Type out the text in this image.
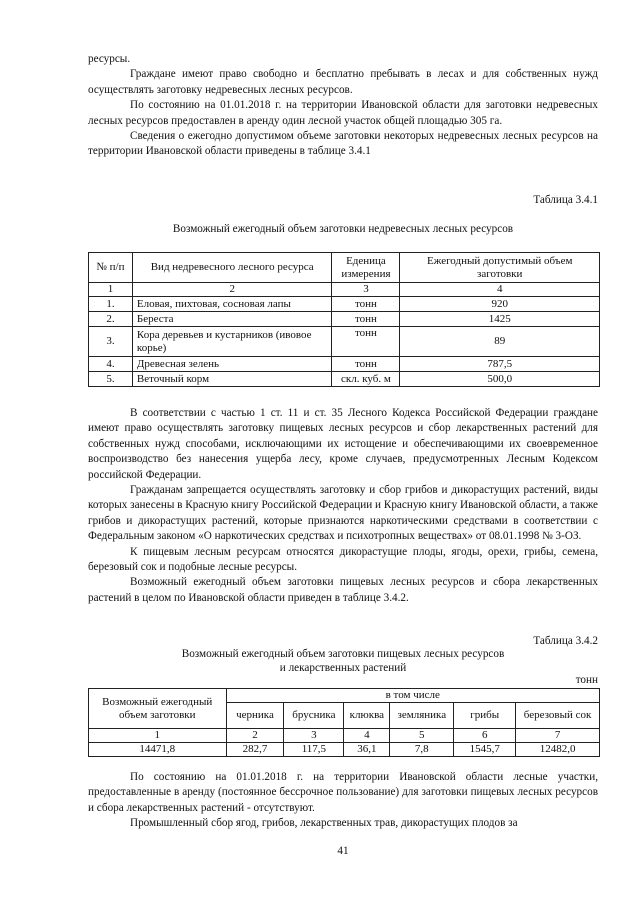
ресурсы.

Граждане имеют право свободно и бесплатно пребывать в лесах и для собственных нужд осуществлять заготовку недревесных лесных ресурсов.

По состоянию на 01.01.2018 г. на территории Ивановской области для заготовки недревесных лесных ресурсов предоставлен в аренду один лесной участок общей площадью 305 га.

Сведения о ежегодно допустимом объеме заготовки некоторых недревесных лесных ресурсов на территории Ивановской области приведены в таблице 3.4.1

Таблица 3.4.1
Возможный ежегодный объем заготовки недревесных лесных ресурсов
№ п/п	Вид недревесного лесного ресурса	Еденица измерения	Ежегодный допустимый объем заготовки
1	2	3	4
1.	Еловая, пихтовая, сосновая лапы	тонн	920
2.	Береста	тонн	1425
3.	Кора деревьев и кустарников (ивовое корье)	тонн	89
4.	Древесная зелень	тонн	787,5
5.	Веточный корм	скл. куб. м	500,0

В соответствии с частью 1 ст. 11 и ст. 35 Лесного Кодекса Российской Федерации граждане имеют право осуществлять заготовку пищевых лесных ресурсов и сбор лекарственных растений для собственных нужд способами, исключающими их истощение и обеспечивающими их своевременное воспроизводство без нанесения ущерба лесу, кроме случаев, предусмотренных Лесным Кодексом российской Федерации.

Гражданам запрещается осуществлять заготовку и сбор грибов и дикорастущих растений, виды которых занесены в Красную книгу Российской Федерации и Красную книгу Ивановской области, а также грибов и дикорастущих растений, которые признаются наркотическими средствами в соответствии с Федеральным законом «О наркотических средствах и психотропных веществах» от 08.01.1998 № 3-ОЗ.

К пищевым лесным ресурсам относятся дикорастущие плоды, ягоды, орехи, грибы, семена, березовый сок и подобные лесные ресурсы.

Возможный ежегодный объем заготовки пищевых лесных ресурсов и сбора лекарственных растений в целом по Ивановской области приведен в таблице 3.4.2.

Таблица 3.4.2
Возможный ежегодный объем заготовки пищевых лесных ресурсов
и лекарственных растений
тонн
Возможный ежегодный объем заготовки	в том числе					
	черника	брусника	клюква	земляника	грибы	березовый сок
1	2	3	4	5	6	7
14471,8	282,7	117,5	36,1	7,8	1545,7	12482,0

По состоянию на 01.01.2018 г. на территории Ивановской области лесные участки, предоставленные в аренду (постоянное бессрочное пользование) для заготовки пищевых лесных ресурсов и сбора лекарственных растений - отсутствуют.

Промышленный сбор ягод, грибов, лекарственных трав, дикорастущих плодов за

41
